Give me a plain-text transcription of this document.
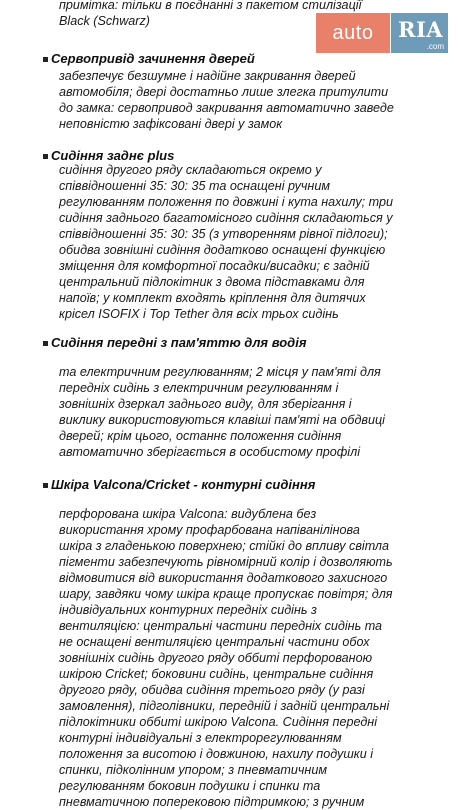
примітка: тільки в поєднанні з пакетом стилізації
Black (Schwarz)
auto	RIA
.com
Сервопривід зачинення дверей
забезпечує безшумне і надійне закривання дверей
автомобіля; двері достатньо лише злегка притулити
до замка: сервопривод закривання автоматично заведе
неповністю зафіксовані двері у замок
Сидіння заднє plus
сидіння другого ряду складаються окремо у
співвідношенні 35: 30: 35 та оснащені ручним
регулюванням положення по довжині і кута нахилу; три
сидіння заднього багатомісного сидіння складаються у
співвідношенні 35: 30: 35 (з утворенням рівної підлоги);
обидва зовнішні сидіння додатково оснащені функцією
зміщення для комфортної посадки/висадки; є задній
центральний підлокітник з двома підставками для
напоїв; у комплект входять кріплення для дитячих
крісел ISOFIX і Top Tether для всіх трьох сидінь
Сидіння передні з пам'яттю для водія
та електричним регулюванням; 2 місця у пам'яті для
передніх сидінь з електричним регулюванням і
зовнішніх дзеркал заднього виду, для зберігання і
виклику використовуються клавіші пам'яті на обдвиці
дверей; крім цього, останнє положення сидіння
автоматично зберігається в особистому профілі
Шкіра Valcona/Cricket - контурні сидіння
перфорована шкіра Valcona: видублена без
використання хрому профарбована напіванілінова
шкіра з гладенькою поверхнею; стійкі до впливу світла
пігменти забезпечують рівномірний колір і дозволяють
відмовитися від використання додаткового захисного
шару, завдяки чому шкіра краще пропускає повітря; для
індивідуальних контурних передніх сидінь з
вентиляцією: центральні частини передніх сидінь та
не оснащені вентиляцією центральні частини обох
зовнішніх сидінь другого ряду оббиті перфорованою
шкірою Cricket; боковини сидінь, центральне сидіння
другого ряду, обидва сидіння третього ряду (у разі
замовлення), підголівники, передній і задній центральні
підлокітники оббиті шкірою Valcona. Сидіння передні
контурні індивідуальні з електрорегулюванням
положення за висотою і довжиною, нахилу подушки і
спинки, підколінним упором; з пневматичним
регулюванням боковин подушки і спинки та
пневматичною поперековою підтримкою; з ручним
